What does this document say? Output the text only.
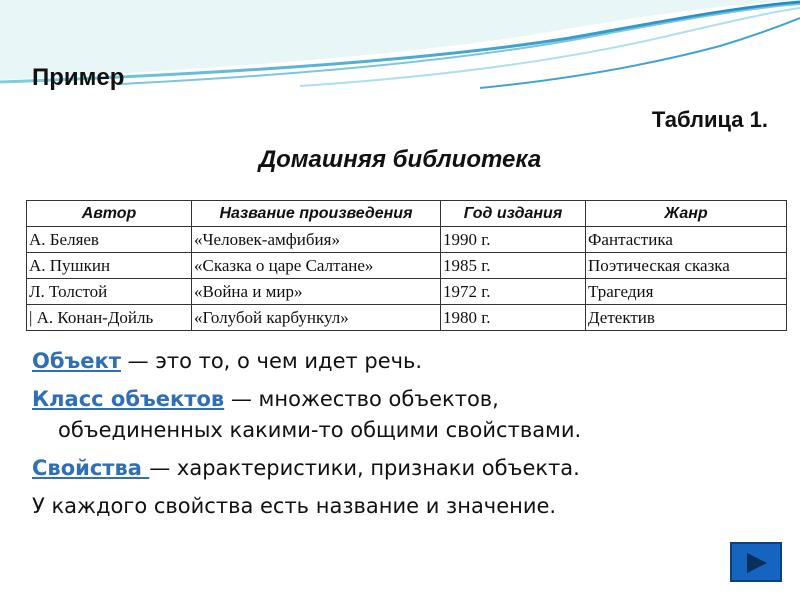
Пример
Таблица 1.
Домашняя библиотека
Автор	Название произведения	Год издания	Жанр
А. Беляев	«Человек-амфибия»	1990 г.	Фантастика
А. Пушкин	«Сказка о царе Салтане»	1985 г.	Поэтическая сказка
Л. Толстой	«Война и мир»	1972 г.	Трагедия
| А. Конан-Дойль	«Голубой карбункул»	1980 г.	Детектив
Объект — это то, о чем идет речь.
Класс объектов — множество объектов,
объединенных какими-то общими свойствами.
Свойства — характеристики, признаки объекта.
У каждого свойства есть название и значение.
